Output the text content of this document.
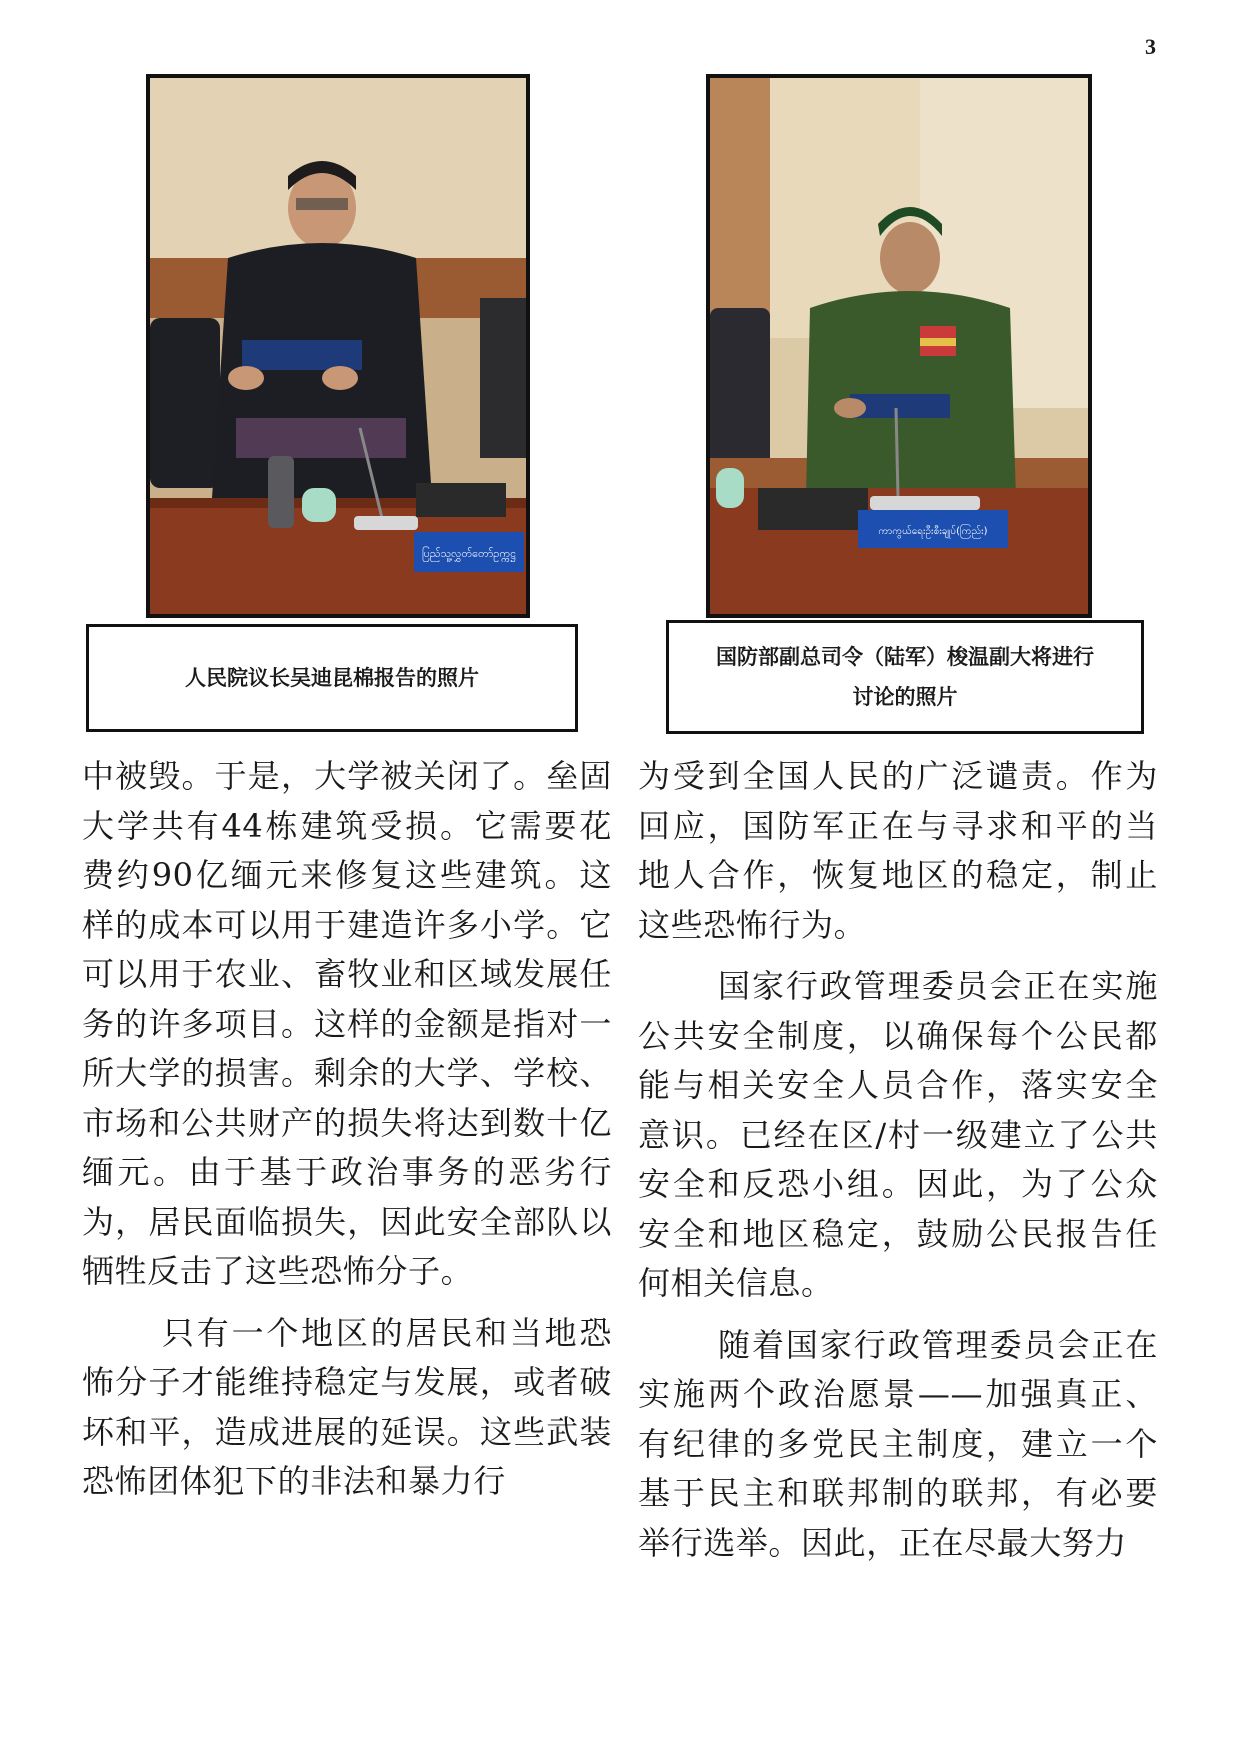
3
ပြည်သူ့လွှတ်တော်ဥက္ကဋ္ဌ
ကာကွယ်ရေးဦးစီးချုပ်(ကြည်း)
人民院议长吴迪昆棉报告的照片
国防部副总司令（陆军）梭温副大将进行
讨论的照片

中被毁。于是，大学被关闭了。垒固大学共有44栋建筑受损。它需要花费约90亿缅元来修复这些建筑。这样的成本可以用于建造许多小学。它可以用于农业、畜牧业和区域发展任务的许多项目。这样的金额是指对一所大学的损害。剩余的大学、学校、市场和公共财产的损失将达到数十亿缅元。由于基于政治事务的恶劣行为，居民面临损失，因此安全部队以牺牲反击了这些恐怖分子。

只有一个地区的居民和当地恐怖分子才能维持稳定与发展，或者破坏和平，造成进展的延误。这些武装恐怖团体犯下的非法和暴力行

为受到全国人民的广泛谴责。作为回应，国防军正在与寻求和平的当地人合作，恢复地区的稳定，制止这些恐怖行为。

国家行政管理委员会正在实施公共安全制度，以确保每个公民都能与相关安全人员合作，落实安全意识。已经在区/村一级建立了公共安全和反恐小组。因此，为了公众安全和地区稳定，鼓励公民报告任何相关信息。

随着国家行政管理委员会正在实施两个政治愿景——加强真正、有纪律的多党民主制度，建立一个基于民主和联邦制的联邦，有必要举行选举。因此，正在尽最大努力
